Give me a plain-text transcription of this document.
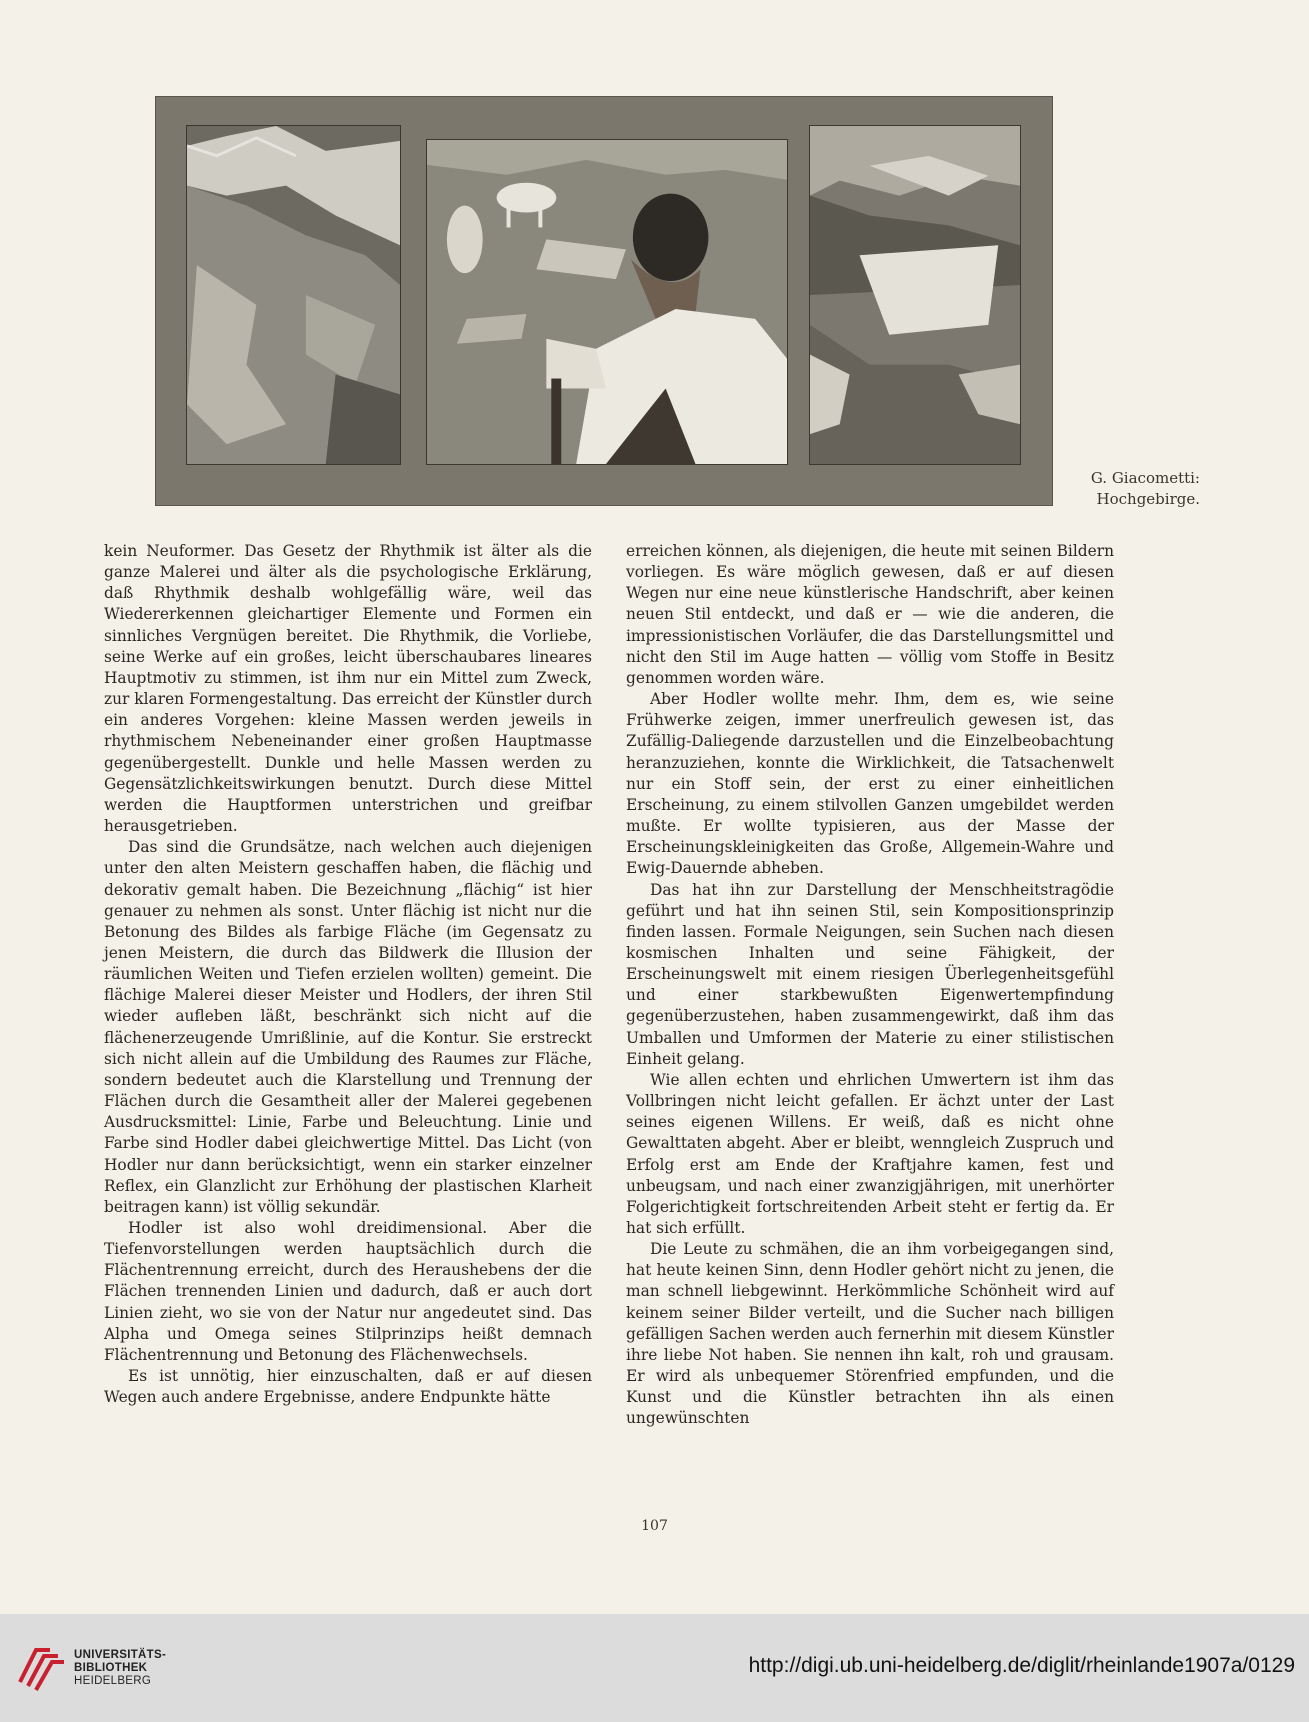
G. Giacometti:
Hochgebirge.

kein Neuformer. Das Gesetz der Rhythmik ist älter als die ganze Malerei und älter als die psychologische Erklärung, daß Rhythmik deshalb wohlgefällig wäre, weil das Wiedererkennen gleichartiger Elemente und Formen ein sinnliches Vergnügen bereitet. Die Rhythmik, die Vorliebe, seine Werke auf ein großes, leicht überschaubares lineares Hauptmotiv zu stimmen, ist ihm nur ein Mittel zum Zweck, zur klaren Formengestaltung. Das erreicht der Künstler durch ein anderes Vorgehen: kleine Massen werden jeweils in rhythmischem Nebeneinander einer großen Hauptmasse gegenübergestellt. Dunkle und helle Massen werden zu Gegensätzlichkeitswirkungen benutzt. Durch diese Mittel werden die Hauptformen unterstrichen und greifbar herausgetrieben.

Das sind die Grundsätze, nach welchen auch diejenigen unter den alten Meistern geschaffen haben, die flächig und dekorativ gemalt haben. Die Bezeichnung „flächig“ ist hier genauer zu nehmen als sonst. Unter flächig ist nicht nur die Betonung des Bildes als farbige Fläche (im Gegensatz zu jenen Meistern, die durch das Bildwerk die Illusion der räumlichen Weiten und Tiefen erzielen wollten) gemeint. Die flächige Malerei dieser Meister und Hodlers, der ihren Stil wieder aufleben läßt, beschränkt sich nicht auf die flächenerzeugende Umrißlinie, auf die Kontur. Sie erstreckt sich nicht allein auf die Umbildung des Raumes zur Fläche, sondern bedeutet auch die Klarstellung und Trennung der Flächen durch die Gesamtheit aller der Malerei gegebenen Ausdrucksmittel: Linie, Farbe und Beleuchtung. Linie und Farbe sind Hodler dabei gleichwertige Mittel. Das Licht (von Hodler nur dann berücksichtigt, wenn ein starker einzelner Reflex, ein Glanzlicht zur Erhöhung der plastischen Klarheit beitragen kann) ist völlig sekundär.

Hodler ist also wohl dreidimensional. Aber die Tiefenvorstellungen werden hauptsächlich durch die Flächentrennung erreicht, durch des Heraushebens der die Flächen trennenden Linien und dadurch, daß er auch dort Linien zieht, wo sie von der Natur nur angedeutet sind. Das Alpha und Omega seines Stilprinzips heißt demnach Flächentrennung und Betonung des Flächenwechsels.

Es ist unnötig, hier einzuschalten, daß er auf diesen Wegen auch andere Ergebnisse, andere Endpunkte hätte

erreichen können, als diejenigen, die heute mit seinen Bildern vorliegen. Es wäre möglich gewesen, daß er auf diesen Wegen nur eine neue künstlerische Handschrift, aber keinen neuen Stil entdeckt, und daß er — wie die anderen, die impressionistischen Vorläufer, die das Darstellungsmittel und nicht den Stil im Auge hatten — völlig vom Stoffe in Besitz genommen worden wäre.

Aber Hodler wollte mehr. Ihm, dem es, wie seine Frühwerke zeigen, immer unerfreulich gewesen ist, das Zufällig-Daliegende darzustellen und die Einzelbeobachtung heranzuziehen, konnte die Wirklichkeit, die Tatsachenwelt nur ein Stoff sein, der erst zu einer einheitlichen Erscheinung, zu einem stilvollen Ganzen umgebildet werden mußte. Er wollte typisieren, aus der Masse der Erscheinungskleinigkeiten das Große, Allgemein-Wahre und Ewig-Dauernde abheben.

Das hat ihn zur Darstellung der Menschheitstragödie geführt und hat ihn seinen Stil, sein Kompositionsprinzip finden lassen. Formale Neigungen, sein Suchen nach diesen kosmischen Inhalten und seine Fähigkeit, der Erscheinungswelt mit einem riesigen Überlegenheitsgefühl und einer starkbewußten Eigenwertempfindung gegenüberzustehen, haben zusammengewirkt, daß ihm das Umballen und Umformen der Materie zu einer stilistischen Einheit gelang.

Wie allen echten und ehrlichen Umwertern ist ihm das Vollbringen nicht leicht gefallen. Er ächzt unter der Last seines eigenen Willens. Er weiß, daß es nicht ohne Gewalttaten abgeht. Aber er bleibt, wenngleich Zuspruch und Erfolg erst am Ende der Kraftjahre kamen, fest und unbeugsam, und nach einer zwanzigjährigen, mit unerhörter Folgerichtigkeit fortschreitenden Arbeit steht er fertig da. Er hat sich erfüllt.

Die Leute zu schmähen, die an ihm vorbeigegangen sind, hat heute keinen Sinn, denn Hodler gehört nicht zu jenen, die man schnell liebgewinnt. Herkömmliche Schönheit wird auf keinem seiner Bilder verteilt, und die Sucher nach billigen gefälligen Sachen werden auch fernerhin mit diesem Künstler ihre liebe Not haben. Sie nennen ihn kalt, roh und grausam. Er wird als unbequemer Störenfried empfunden, und die Kunst und die Künstler betrachten ihn als einen ungewünschten

107
UNIVERSITÄTS-
BIBLIOTHEK
HEIDELBERG
http://digi.ub.uni-heidelberg.de/diglit/rheinlande1907a/0129
